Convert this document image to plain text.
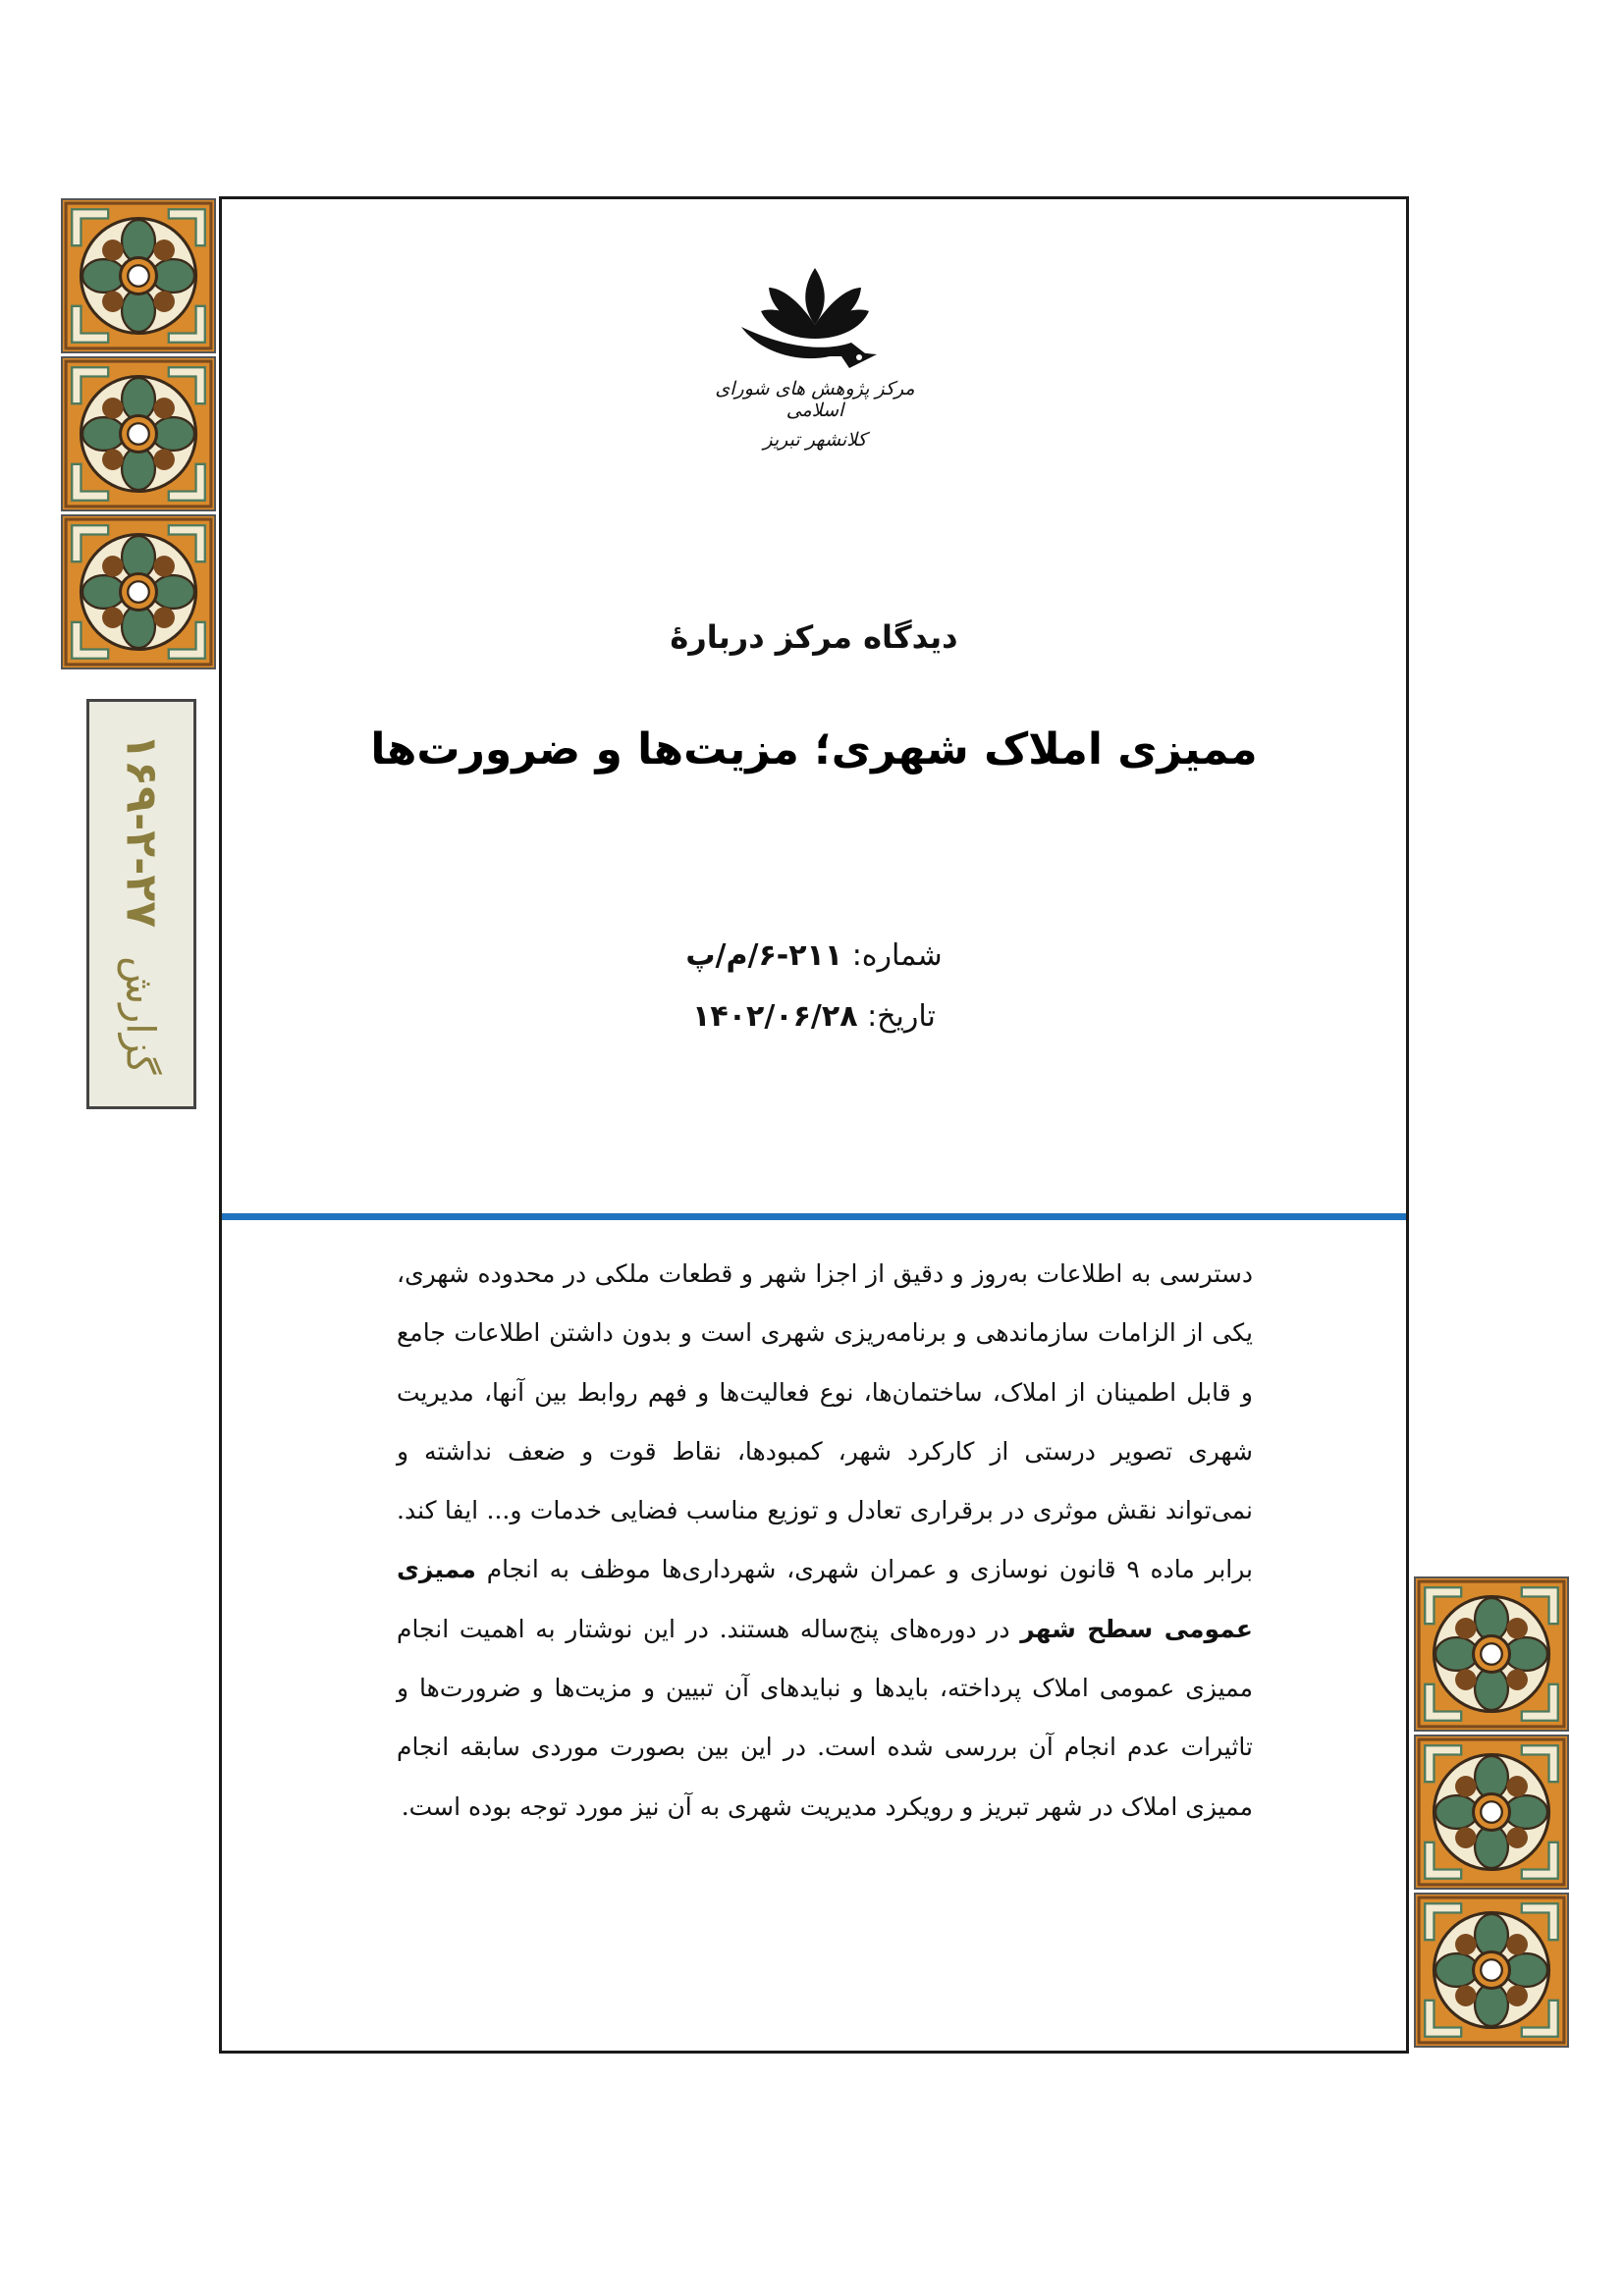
گزارش ۲۷-۲-۱۶۹
مرکز پژوهش های شورای اسلامی
کلانشهر تبریز
دیدگاه مرکز دربارۀ
ممیزی املاک شهری؛ مزیت‌ها و ضرورت‌ها
شماره: ۲۱۱-۶/م/پ
تاریخ: ۱۴۰۲/۰۶/۲۸
دسترسی به اطلاعات به‌روز و دقیق از اجزا شهر و قطعات ملکی در محدوده شهری، یکی از الزامات سازماندهی و برنامه‌ریزی شهری است و بدون داشتن اطلاعات جامع و قابل اطمینان از املاک، ساختمان‌ها، نوع فعالیت‌ها و فهم روابط بین آنها، مدیریت شهری تصویر درستی از کارکرد شهر، کمبودها، نقاط قوت و ضعف نداشته و نمی‌تواند نقش موثری در برقراری تعادل و توزیع مناسب فضایی خدمات و... ایفا کند. برابر ماده ۹ قانون نوسازی و عمران شهری، شهرداری‌ها موظف به انجام ممیزی عمومی سطح شهر در دوره‌های پنج‌ساله هستند. در این نوشتار به اهمیت انجام ممیزی عمومی املاک پرداخته، بایدها و نبایدهای آن تبیین و مزیت‌ها و ضرورت‌ها و تاثیرات عدم انجام آن بررسی شده است. در این بین بصورت موردی سابقه انجام ممیزی املاک در شهر تبریز و رویکرد مدیریت شهری به آن نیز مورد توجه بوده است.
